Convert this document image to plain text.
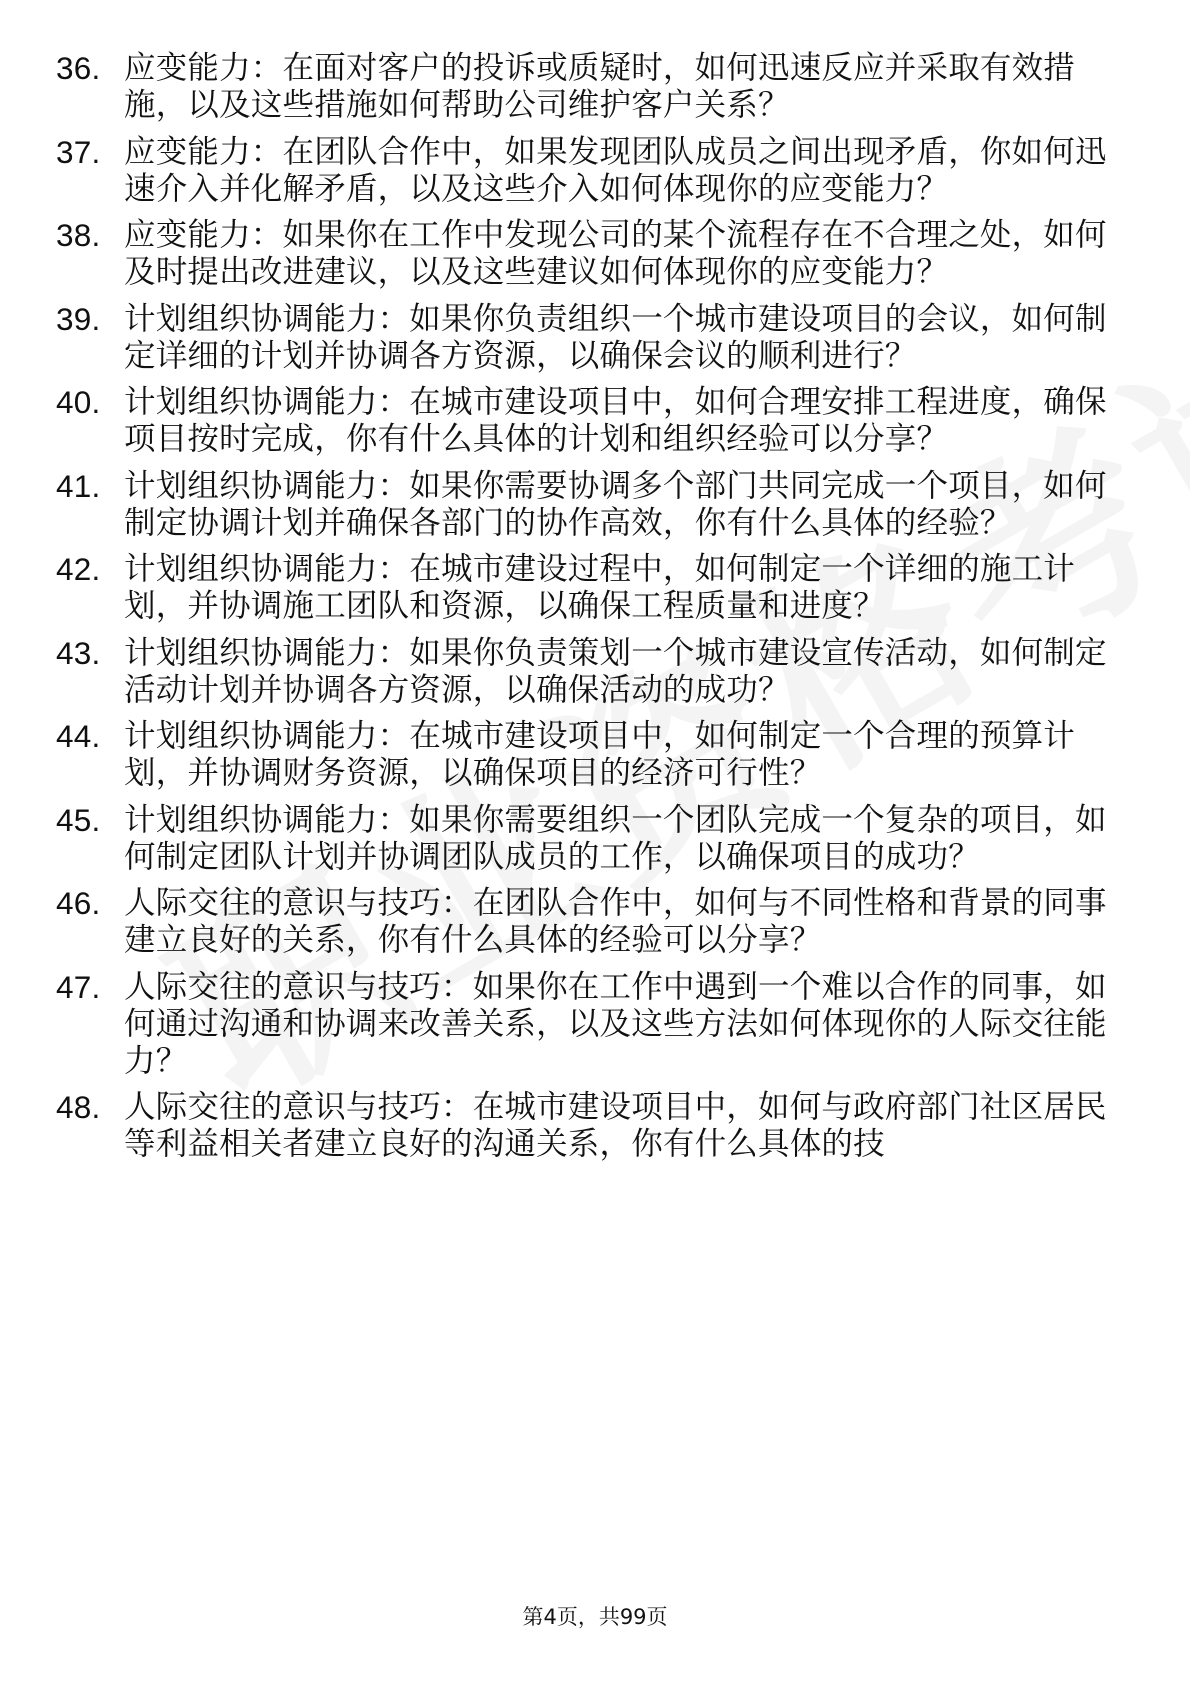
36. 应变能力：在面对客户的投诉或质疑时，如何迅速反应并采取有效措施，以及这些措施如何帮助公司维护客户关系？
37. 应变能力：在团队合作中，如果发现团队成员之间出现矛盾，你如何迅速介入并化解矛盾，以及这些介入如何体现你的应变能力？
38. 应变能力：如果你在工作中发现公司的某个流程存在不合理之处，如何及时提出改进建议，以及这些建议如何体现你的应变能力？
39. 计划组织协调能力：如果你负责组织一个城市建设项目的会议，如何制定详细的计划并协调各方资源，以确保会议的顺利进行？
40. 计划组织协调能力：在城市建设项目中，如何合理安排工程进度，确保项目按时完成，你有什么具体的计划和组织经验可以分享？
41. 计划组织协调能力：如果你需要协调多个部门共同完成一个项目，如何制定协调计划并确保各部门的协作高效，你有什么具体的经验？
42. 计划组织协调能力：在城市建设过程中，如何制定一个详细的施工计划，并协调施工团队和资源，以确保工程质量和进度？
43. 计划组织协调能力：如果你负责策划一个城市建设宣传活动，如何制定活动计划并协调各方资源，以确保活动的成功？
44. 计划组织协调能力：在城市建设项目中，如何制定一个合理的预算计划，并协调财务资源，以确保项目的经济可行性？
45. 计划组织协调能力：如果你需要组织一个团队完成一个复杂的项目，如何制定团队计划并协调团队成员的工作，以确保项目的成功？
46. 人际交往的意识与技巧：在团队合作中，如何与不同性格和背景的同事建立良好的关系，你有什么具体的经验可以分享？
47. 人际交往的意识与技巧：如果你在工作中遇到一个难以合作的同事，如何通过沟通和协调来改善关系，以及这些方法如何体现你的人际交往能力？
48. 人际交往的意识与技巧：在城市建设项目中，如何与政府部门社区居民等利益相关者建立良好的沟通关系，你有什么具体的技
第4页，共99页
